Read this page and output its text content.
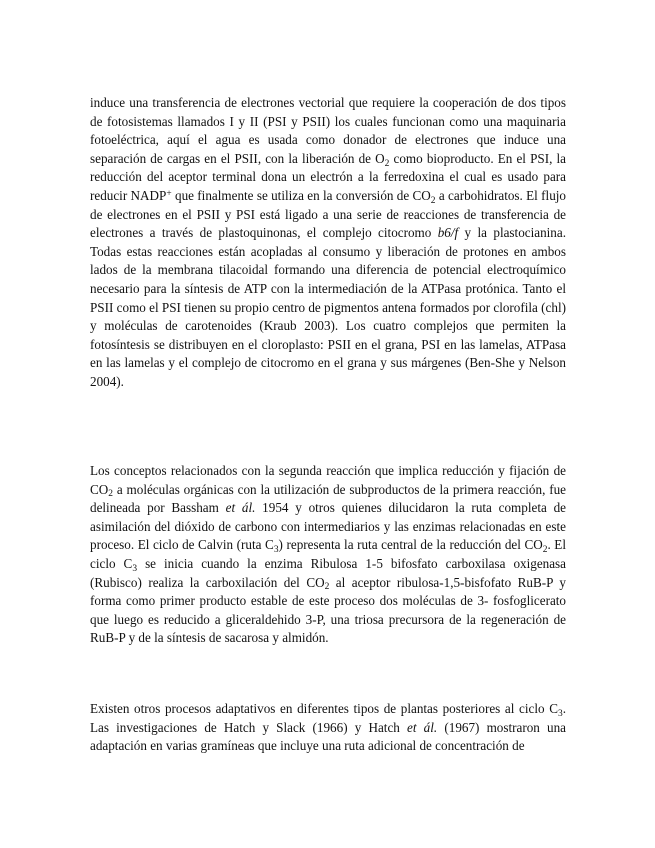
induce una transferencia de electrones vectorial que requiere la cooperación de dos tipos de fotosistemas llamados I y II (PSI y PSII) los cuales funcionan como una maquinaria fotoeléctrica, aquí el agua es usada como donador de electrones que induce una separación de cargas en el PSII, con la liberación de $O_2$ como bioproducto. En el PSI, la reducción del aceptor terminal dona un electrón a la ferredoxina el cual es usado para reducir NADP+ que finalmente se utiliza en la conversión de $CO_2$ a carbohidratos. El flujo de electrones en el PSII y PSI está ligado a una serie de reacciones de transferencia de electrones a través de plastoquinonas, el complejo citocromo b6/f y la plastocianina. Todas estas reacciones están acopladas al consumo y liberación de protones en ambos lados de la membrana tilacoidal formando una diferencia de potencial electroquímico necesario para la síntesis de ATP con la intermediación de la ATPasa protónica. Tanto el PSII como el PSI tienen su propio centro de pigmentos antena formados por clorofila (chl) y moléculas de carotenoides (Kraub 2003). Los cuatro complejos que permiten la fotosíntesis se distribuyen en el cloroplasto: PSII en el grana, PSI en las lamelas, ATPasa en las lamelas y el complejo de citocromo en el grana y sus márgenes (Ben-She y Nelson 2004).

Los conceptos relacionados con la segunda reacción que implica reducción y fijación de $CO_2$ a moléculas orgánicas con la utilización de subproductos de la primera reacción, fue delineada por Bassham et ál. 1954 y otros quienes dilucidaron la ruta completa de asimilación del dióxido de carbono con intermediarios y las enzimas relacionadas en este proceso. El ciclo de Calvin (ruta $C_3$) representa la ruta central de la reducción del $CO_2$. El ciclo $C_3$ se inicia cuando la enzima Ribulosa 1-5 bifosfato carboxilasa oxigenasa (Rubisco) realiza la carboxilación del $CO_2$ al aceptor ribulosa-1,5-bisfofato RuB-P y forma como primer producto estable de este proceso dos moléculas de 3- fosfoglicerato que luego es reducido a gliceraldehido 3-P, una triosa precursora de la regeneración de RuB-P y de la síntesis de sacarosa y almidón.

Existen otros procesos adaptativos en diferentes tipos de plantas posteriores al ciclo $C_3$. Las investigaciones de Hatch y Slack (1966) y Hatch et ál. (1967) mostraron una adaptación en varias gramíneas que incluye una ruta adicional de concentración de
